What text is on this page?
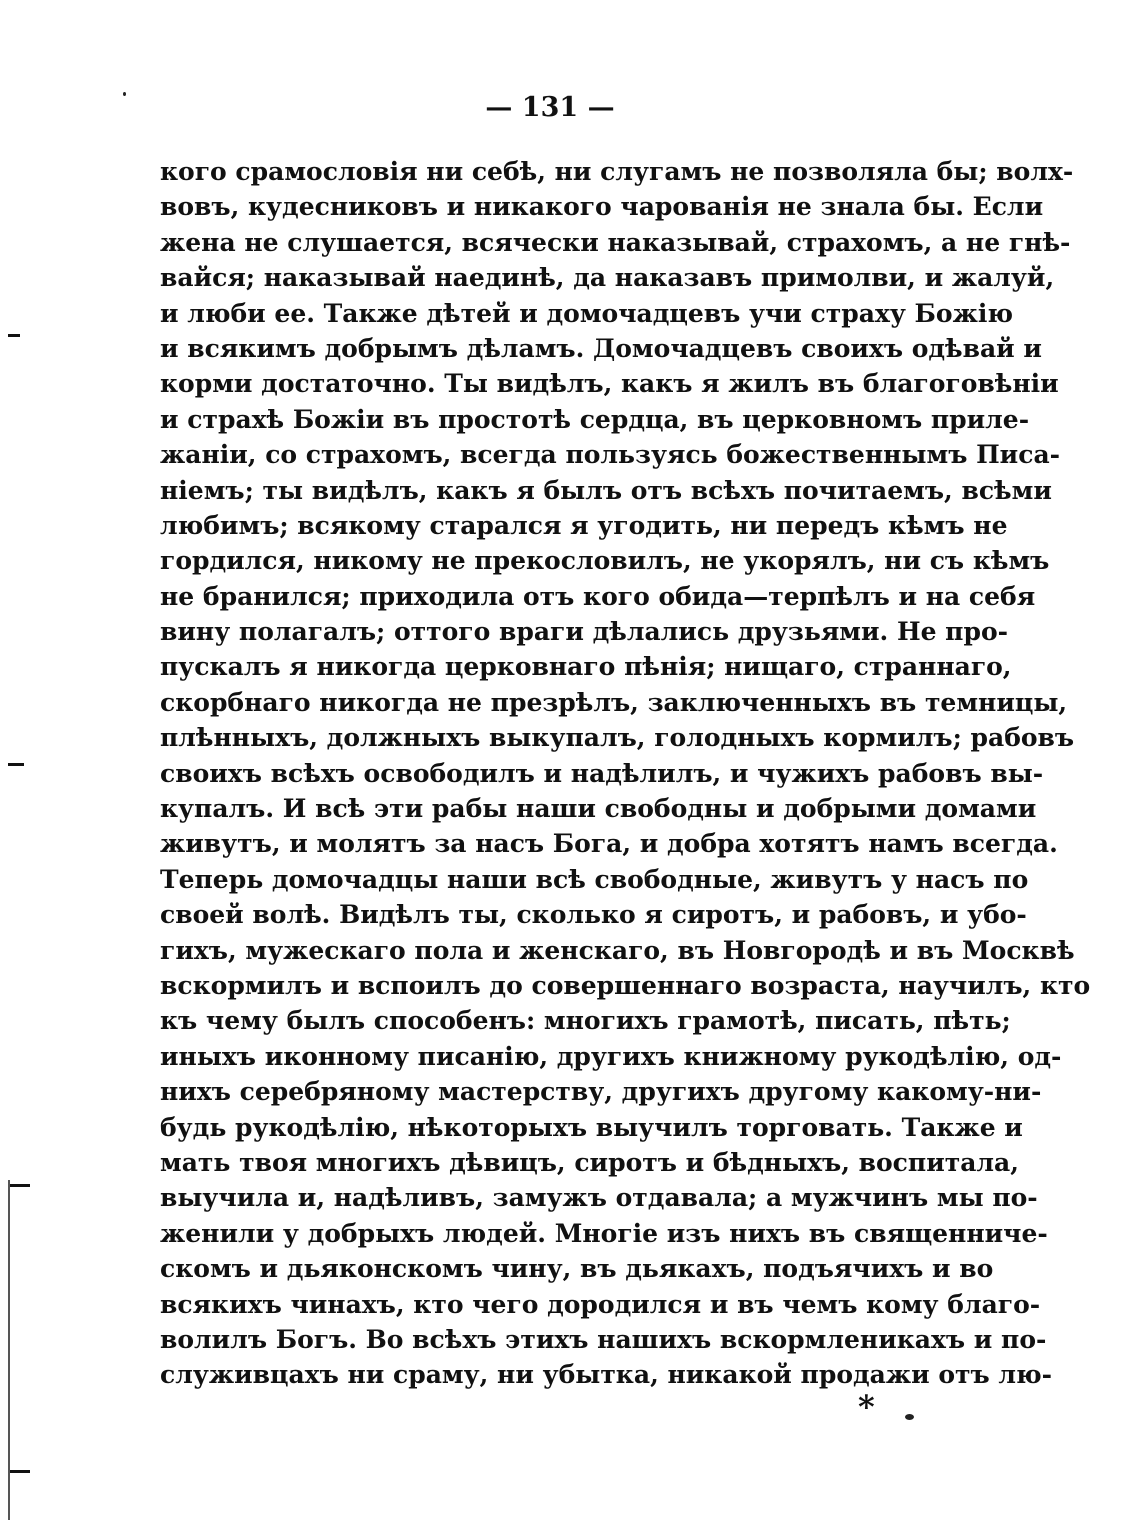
— 131 —
кого срамословія ни себѣ, ни слугамъ не позволяла бы; волх-
вовъ, кудесниковъ и никакого чарованія не знала бы. Если
жена не слушается, всячески наказывай, страхомъ, а не гнѣ-
вайся; наказывай наединѣ, да наказавъ примолви, и жалуй,
и люби ее. Также дѣтей и домочадцевъ учи страху Божію
и всякимъ добрымъ дѣламъ. Домочадцевъ своихъ одѣвай и
корми достаточно. Ты видѣлъ, какъ я жилъ въ благоговѣніи
и страхѣ Божіи въ простотѣ сердца, въ церковномъ приле-
жаніи, со страхомъ, всегда пользуясь божественнымъ Писа-
ніемъ; ты видѣлъ, какъ я былъ отъ всѣхъ почитаемъ, всѣми
любимъ; всякому старался я угодить, ни передъ кѣмъ не
гордился, никому не прекословилъ, не укорялъ, ни съ кѣмъ
не бранился; приходила отъ кого обида—терпѣлъ и на себя
вину полагалъ; оттого враги дѣлались друзьями. Не про-
пускалъ я никогда церковнаго пѣнія; нищаго, страннаго,
скорбнаго никогда не презрѣлъ, заключенныхъ въ темницы,
плѣнныхъ, должныхъ выкупалъ, голодныхъ кормилъ; рабовъ
своихъ всѣхъ освободилъ и надѣлилъ, и чужихъ рабовъ вы-
купалъ. И всѣ эти рабы наши свободны и добрыми домами
живутъ, и молятъ за насъ Бога, и добра хотятъ намъ всегда.
Теперь домочадцы наши всѣ свободные, живутъ у насъ по
своей волѣ. Видѣлъ ты, сколько я сиротъ, и рабовъ, и убо-
гихъ, мужескаго пола и женскаго, въ Новгородѣ и въ Москвѣ
вскормилъ и вспоилъ до совершеннаго возраста, научилъ, кто
къ чему былъ способенъ: многихъ грамотѣ, писать, пѣть;
иныхъ иконному писанію, другихъ книжному рукодѣлію, од-
нихъ серебряному мастерству, другихъ другому какому-ни-
будь рукодѣлію, нѣкоторыхъ выучилъ торговать. Также и
мать твоя многихъ дѣвицъ, сиротъ и бѣдныхъ, воспитала,
выучила и, надѣливъ, замужъ отдавала; а мужчинъ мы по-
женили у добрыхъ людей. Многіе изъ нихъ въ священниче-
скомъ и дьяконскомъ чину, въ дьякахъ, подъячихъ и во
всякихъ чинахъ, кто чего дородился и въ чемъ кому благо-
волилъ Богъ. Во всѣхъ этихъ нашихъ вскормленикахъ и по-
служивцахъ ни сраму, ни убытка, никакой продажи отъ лю-
*
